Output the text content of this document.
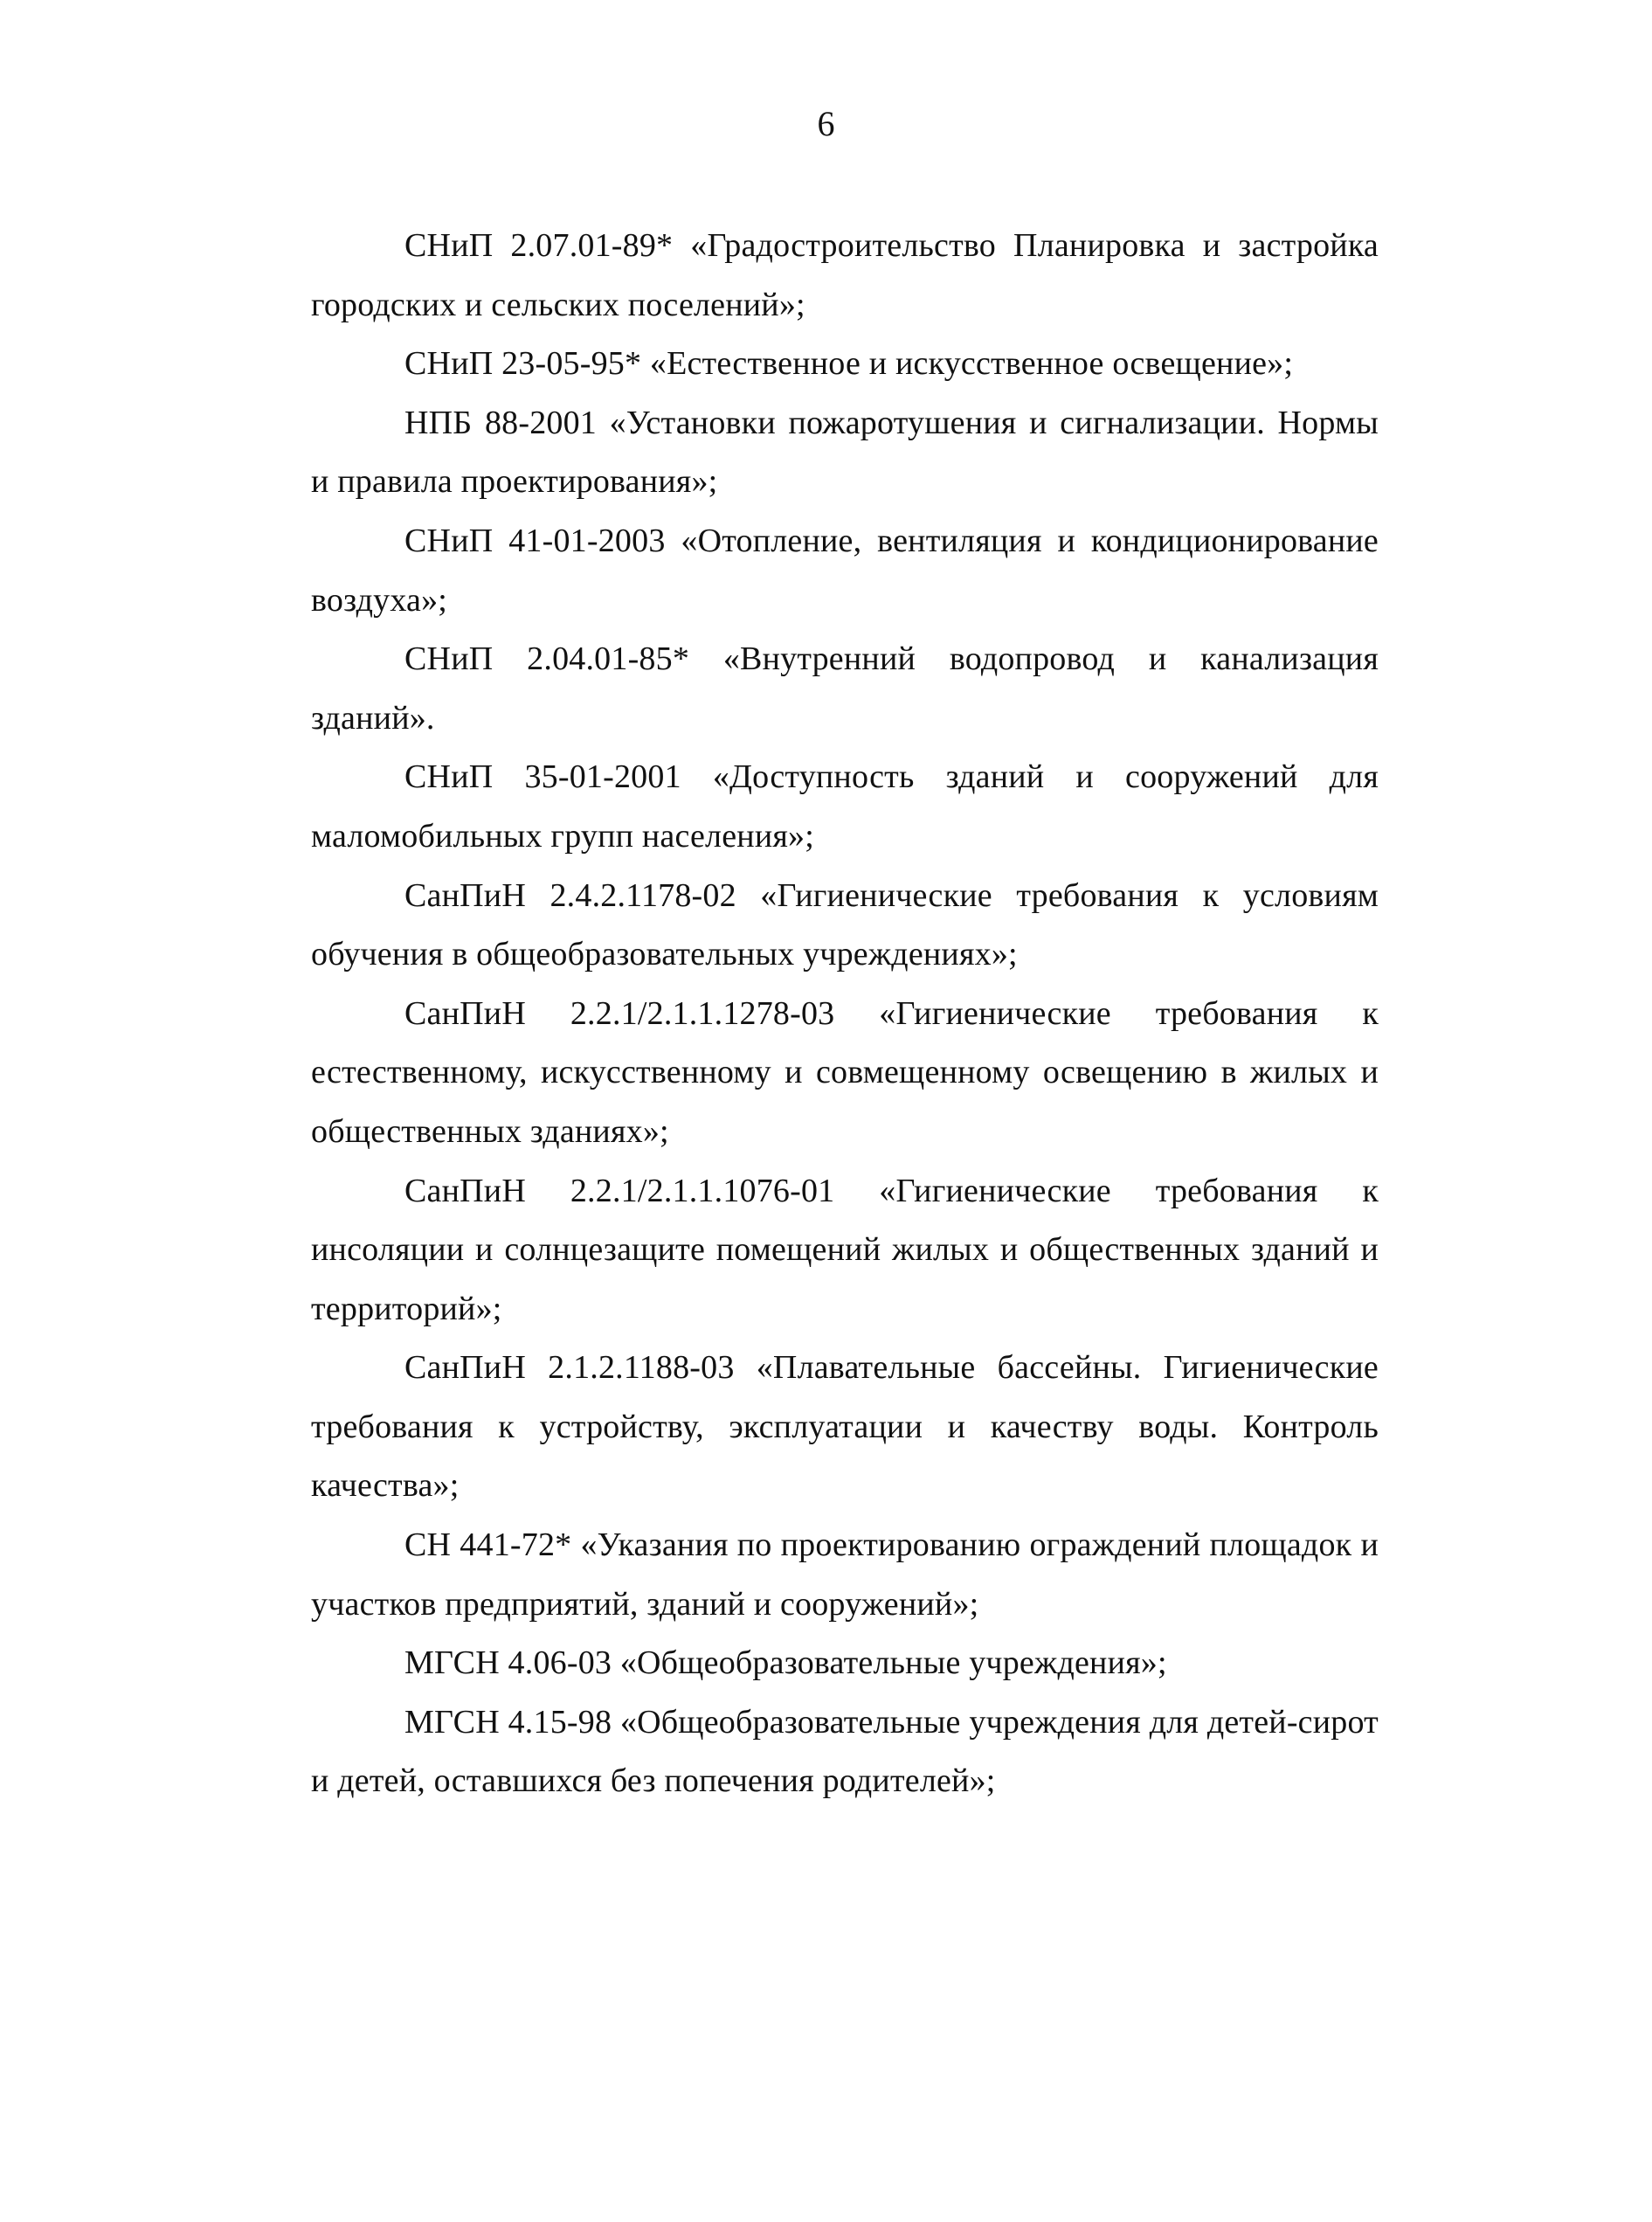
6

СНиП 2.07.01-89* «Градостроительство Планировка и застройка городских и сельских поселений»;

СНиП 23-05-95* «Естественное и искусственное освещение»;

НПБ 88-2001 «Установки пожаротушения и сигнализации. Нормы и правила проектирования»;

СНиП 41-01-2003 «Отопление, вентиляция и кондиционирование воздуха»;

СНиП 2.04.01-85* «Внутренний водопровод и канализация зданий».

СНиП 35-01-2001 «Доступность зданий и сооружений для маломобильных групп населения»;

СанПиН 2.4.2.1178-02 «Гигиенические требования к условиям обучения в общеобразовательных учреждениях»;

СанПиН 2.2.1/2.1.1.1278-03 «Гигиенические требования к естественному, искусственному и совмещенному освещению в жилых и общественных зданиях»;

СанПиН 2.2.1/2.1.1.1076-01 «Гигиенические требования к инсоляции и солнцезащите помещений жилых и общественных зданий и территорий»;

СанПиН 2.1.2.1188-03 «Плавательные бассейны. Гигиенические требования к устройству, эксплуатации и качеству воды. Контроль качества»;

СН 441-72* «Указания по проектированию ограждений площадок и участков предприятий, зданий и сооружений»;

МГСН 4.06-03 «Общеобразовательные учреждения»;

МГСН 4.15-98 «Общеобразовательные учреждения для детей-сирот и детей, оставшихся без попечения родителей»;
